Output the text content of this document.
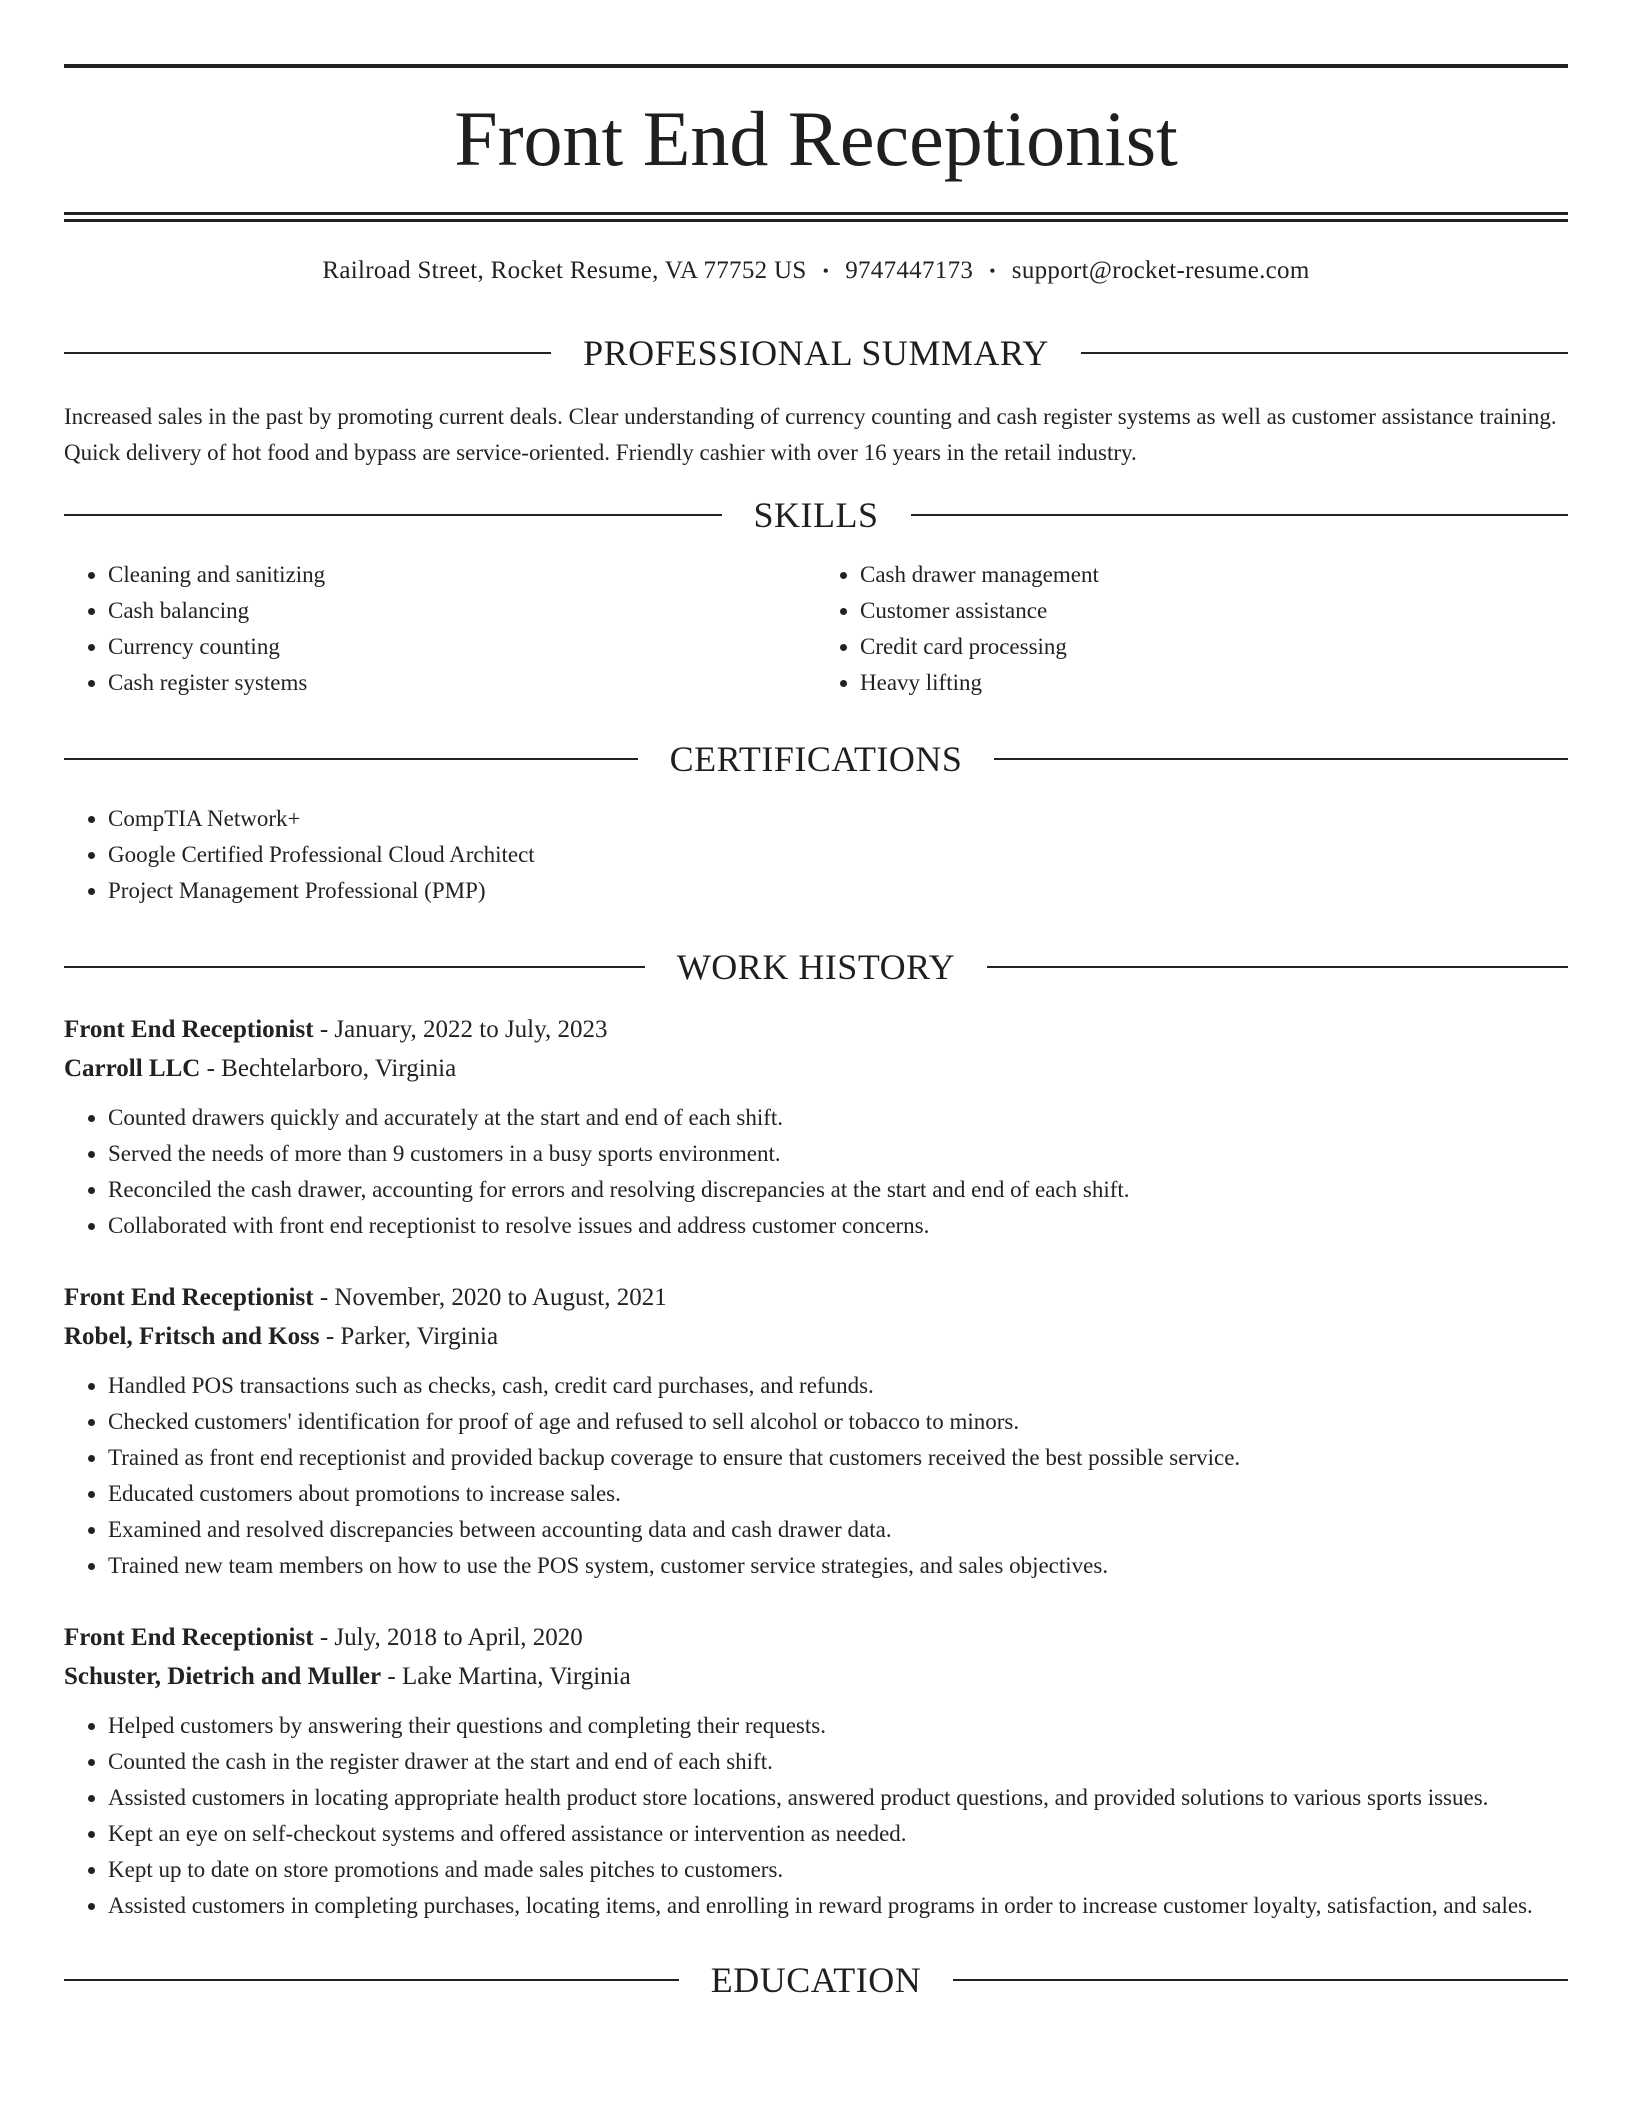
Front End Receptionist
Railroad Street, Rocket Resume, VA 77752 US • 9747447173 • support@rocket-resume.com
PROFESSIONAL SUMMARY

Increased sales in the past by promoting current deals. Clear understanding of currency counting and cash register systems as well as customer assistance training. Quick delivery of hot food and bypass are service-oriented. Friendly cashier with over 16 years in the retail industry.

SKILLS
• Cleaning and sanitizing
• Cash balancing
• Currency counting
• Cash register systems
• Cash drawer management
• Customer assistance
• Credit card processing
• Heavy lifting
CERTIFICATIONS
• CompTIA Network+
• Google Certified Professional Cloud Architect
• Project Management Professional (PMP)
WORK HISTORY
Front End Receptionist - January, 2022 to July, 2023
Carroll LLC - Bechtelarboro, Virginia
• Counted drawers quickly and accurately at the start and end of each shift.
• Served the needs of more than 9 customers in a busy sports environment.
• Reconciled the cash drawer, accounting for errors and resolving discrepancies at the start and end of each shift.
• Collaborated with front end receptionist to resolve issues and address customer concerns.
Front End Receptionist - November, 2020 to August, 2021
Robel, Fritsch and Koss - Parker, Virginia
• Handled POS transactions such as checks, cash, credit card purchases, and refunds.
• Checked customers' identification for proof of age and refused to sell alcohol or tobacco to minors.
• Trained as front end receptionist and provided backup coverage to ensure that customers received the best possible service.
• Educated customers about promotions to increase sales.
• Examined and resolved discrepancies between accounting data and cash drawer data.
• Trained new team members on how to use the POS system, customer service strategies, and sales objectives.
Front End Receptionist - July, 2018 to April, 2020
Schuster, Dietrich and Muller - Lake Martina, Virginia
• Helped customers by answering their questions and completing their requests.
• Counted the cash in the register drawer at the start and end of each shift.
• Assisted customers in locating appropriate health product store locations, answered product questions, and provided solutions to various sports issues.
• Kept an eye on self-checkout systems and offered assistance or intervention as needed.
• Kept up to date on store promotions and made sales pitches to customers.
• Assisted customers in completing purchases, locating items, and enrolling in reward programs in order to increase customer loyalty, satisfaction, and sales.
EDUCATION
